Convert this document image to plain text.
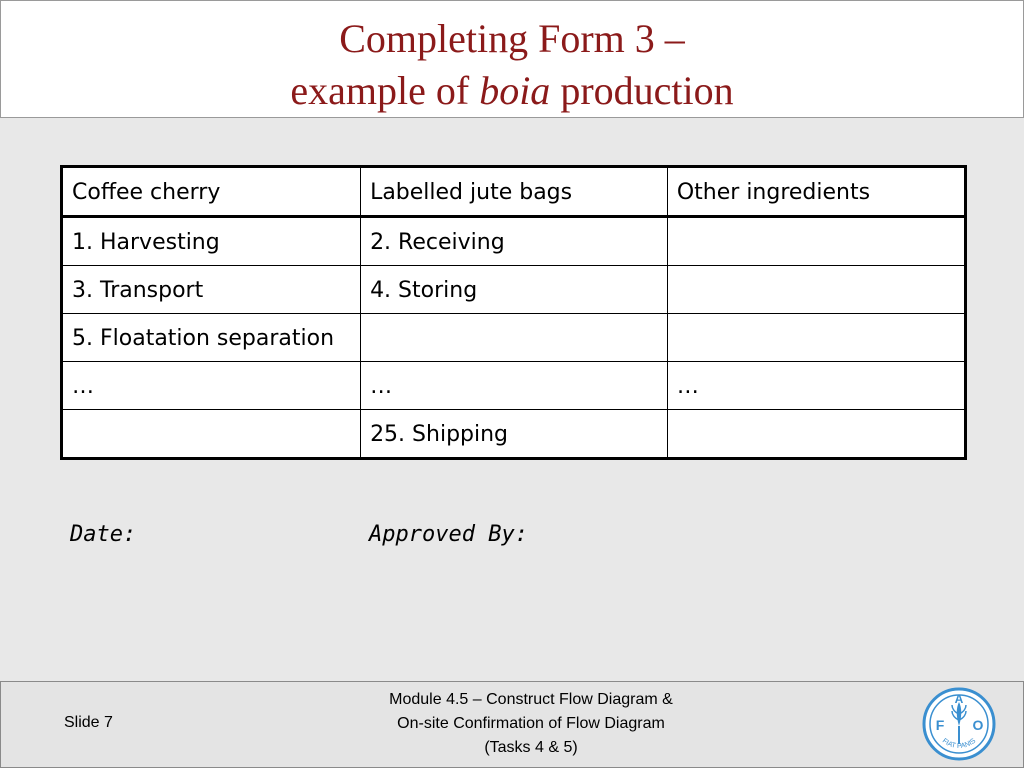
Completing Form 3 –
example of boia production
Coffee cherry	Labelled jute bags	Other ingredients
1. Harvesting	2. Receiving	
3. Transport	4. Storing	
5. Floatation separation		
…	…	…
	25. Shipping	
Date:	Approved By:
Slide 7
Module 4.5 – Construct Flow Diagram &
On-site Confirmation of Flow Diagram
(Tasks 4 & 5)
F
A
O
FIAT PANIS
